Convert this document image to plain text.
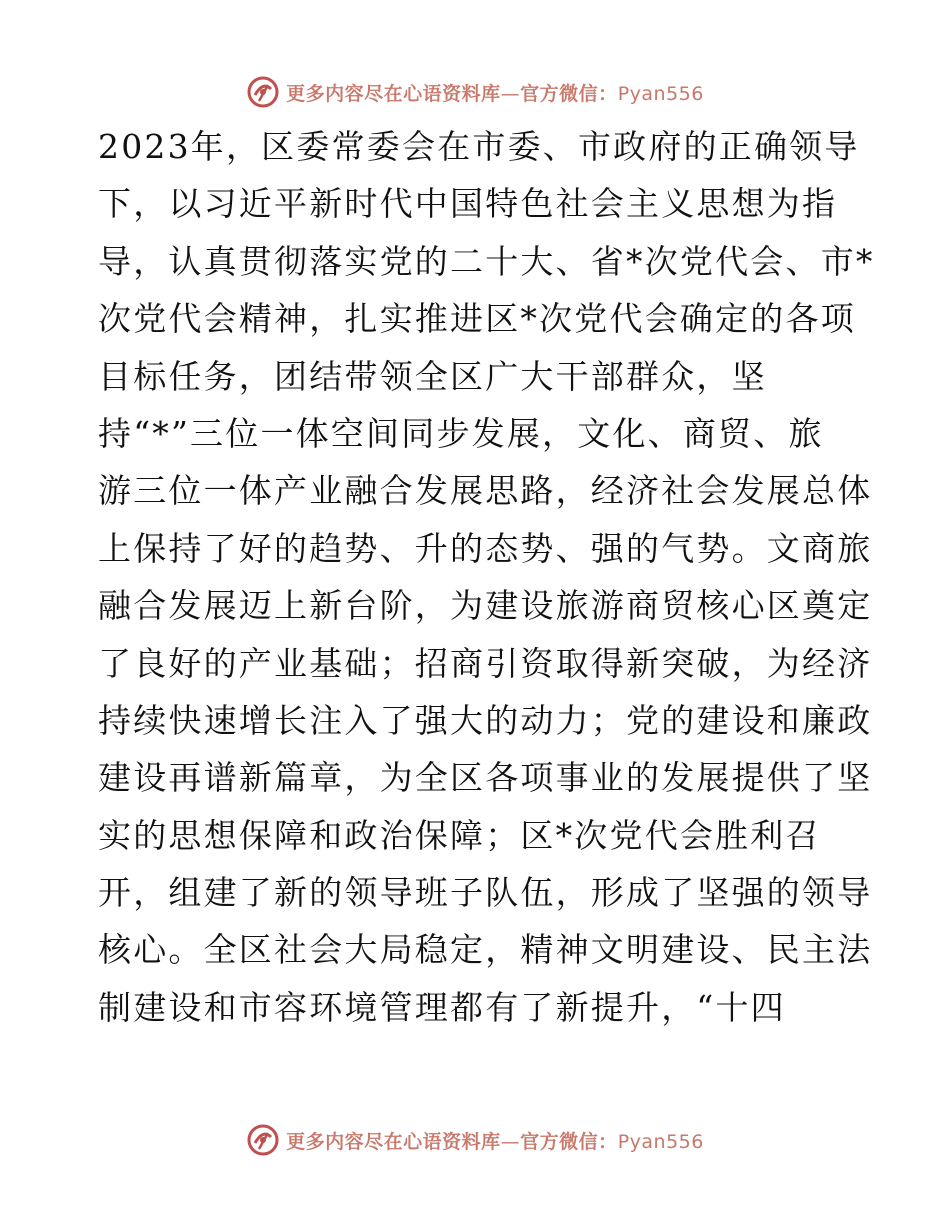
更多内容尽在心语资料库—官方微信：Pyan556
2023年，区委常委会在市委、市政府的正确领导
下，以习近平新时代中国特色社会主义思想为指
导，认真贯彻落实党的二十大、省*次党代会、市*
次党代会精神，扎实推进区*次党代会确定的各项
目标任务，团结带领全区广大干部群众，坚
持“*”三位一体空间同步发展，文化、商贸、旅
游三位一体产业融合发展思路，经济社会发展总体
上保持了好的趋势、升的态势、强的气势。文商旅
融合发展迈上新台阶，为建设旅游商贸核心区奠定
了良好的产业基础；招商引资取得新突破，为经济
持续快速增长注入了强大的动力；党的建设和廉政
建设再谱新篇章，为全区各项事业的发展提供了坚
实的思想保障和政治保障；区*次党代会胜利召
开，组建了新的领导班子队伍，形成了坚强的领导
核心。全区社会大局稳定，精神文明建设、民主法
制建设和市容环境管理都有了新提升，“十四
更多内容尽在心语资料库—官方微信：Pyan556
